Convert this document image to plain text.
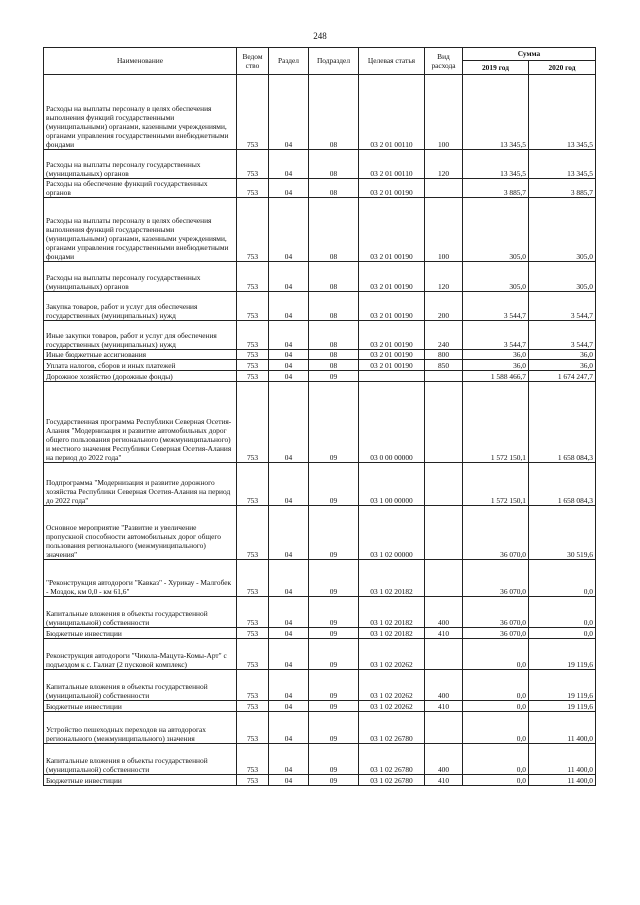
248
Наименование	Ведом ство	Раздел	Подраздел	Целевая статья	Вид расхода	Сумма	
						2019 год	2020 год
Расходы на выплаты персоналу в целях обеспечения выполнения функций государственными (муниципальными) органами, казенными учреждениями, органами управления государственными внебюджетными фондами	753	04	08	03 2 01 00110	100	13 345,5	13 345,5
Расходы на выплаты персоналу государственных (муниципальных) органов	753	04	08	03 2 01 00110	120	13 345,5	13 345,5
Расходы на обеспечение функций государственных органов	753	04	08	03 2 01 00190		3 885,7	3 885,7
Расходы на выплаты персоналу в целях обеспечения выполнения функций государственными (муниципальными) органами, казенными учреждениями, органами управления государственными внебюджетными фондами	753	04	08	03 2 01 00190	100	305,0	305,0
Расходы на выплаты персоналу государственных (муниципальных) органов	753	04	08	03 2 01 00190	120	305,0	305,0
Закупка товаров, работ и услуг для обеспечения государственных (муниципальных) нужд	753	04	08	03 2 01 00190	200	3 544,7	3 544,7
Иные закупки товаров, работ и услуг для обеспечения государственных (муниципальных) нужд	753	04	08	03 2 01 00190	240	3 544,7	3 544,7
Иные бюджетные ассигнования	753	04	08	03 2 01 00190	800	36,0	36,0
Уплата налогов, сборов и иных платежей	753	04	08	03 2 01 00190	850	36,0	36,0
Дорожное хозяйство (дорожные фонды)	753	04	09			1 588 466,7	1 674 247,7
Государственная программа Республики Северная Осетия-Алания "Модернизация и развитие автомобильных дорог общего пользования регионального (межмуниципального) и местного значения Республики Северная Осетия-Алания на период до 2022 года"	753	04	09	03 0 00 00000		1 572 150,1	1 658 084,3
Подпрограмма "Модернизация и развитие дорожного хозяйства Республики Северная Осетия-Алания на период до 2022 года"	753	04	09	03 1 00 00000		1 572 150,1	1 658 084,3
Основное мероприятие "Развитие и увеличение пропускной способности автомобильных дорог общего пользования регионального (межмуниципального) значения"	753	04	09	03 1 02 00000		36 070,0	30 519,6
"Реконструкция автодороги "Кавказ" - Хурикау - Малгобек - Моздок, км 0,0 - км 61,6"	753	04	09	03 1 02 20182		36 070,0	0,0
Капитальные вложения в объекты государственной (муниципальной) собственности	753	04	09	03 1 02 20182	400	36 070,0	0,0
Бюджетные инвестиции	753	04	09	03 1 02 20182	410	36 070,0	0,0
Реконструкция автодороги "Чикола-Мацута-Комы-Арт" с подъездом к с. Галиат (2 пусковой комплекс)	753	04	09	03 1 02 20262		0,0	19 119,6
Капитальные вложения в объекты государственной (муниципальной) собственности	753	04	09	03 1 02 20262	400	0,0	19 119,6
Бюджетные инвестиции	753	04	09	03 1 02 20262	410	0,0	19 119,6
Устройство пешеходных переходов на автодорогах регионального (межмуниципального) значения	753	04	09	03 1 02 26780		0,0	11 400,0
Капитальные вложения в объекты государственной (муниципальной) собственности	753	04	09	03 1 02 26780	400	0,0	11 400,0
Бюджетные инвестиции	753	04	09	03 1 02 26780	410	0,0	11 400,0
